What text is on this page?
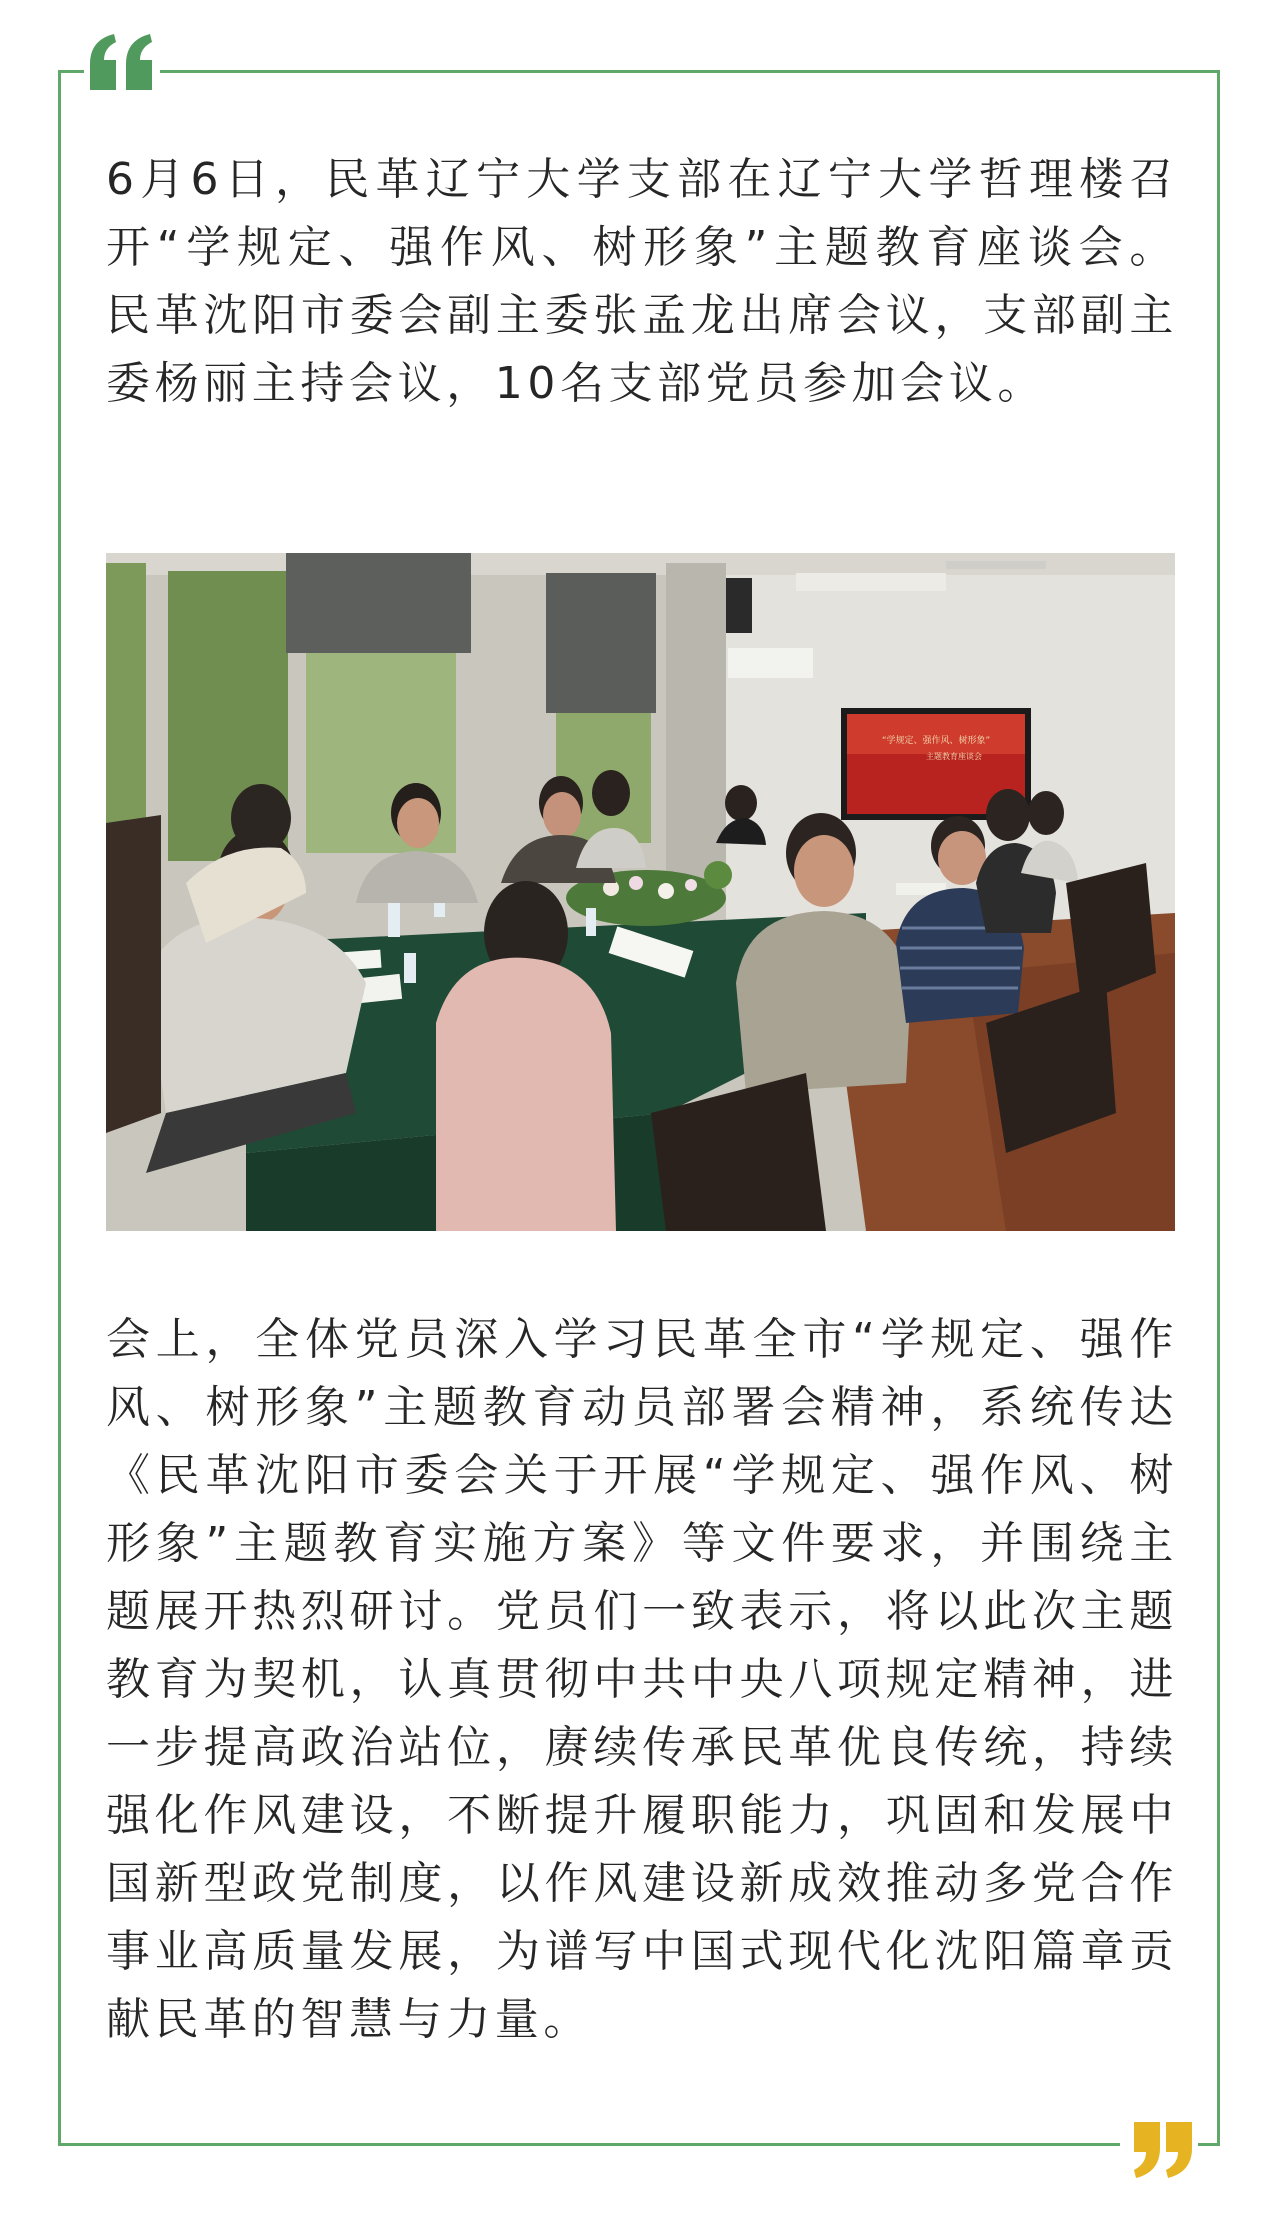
6月6日，民革辽宁大学支部在辽宁大学哲理楼召开“学规定、强作风、树形象”主题教育座谈会。民革沈阳市委会副主委张孟龙出席会议，支部副主委杨丽主持会议，10名支部党员参加会议。

“学规定、强作风、树形象”
主题教育座谈会

会上，全体党员深入学习民革全市“学规定、强作风、树形象”主题教育动员部署会精神，系统传达《民革沈阳市委会关于开展“学规定、强作风、树形象”主题教育实施方案》等文件要求，并围绕主题展开热烈研讨。党员们一致表示，将以此次主题教育为契机，认真贯彻中共中央八项规定精神，进一步提高政治站位，赓续传承民革优良传统，持续强化作风建设，不断提升履职能力，巩固和发展中国新型政党制度，以作风建设新成效推动多党合作事业高质量发展，为谱写中国式现代化沈阳篇章贡献民革的智慧与力量。
